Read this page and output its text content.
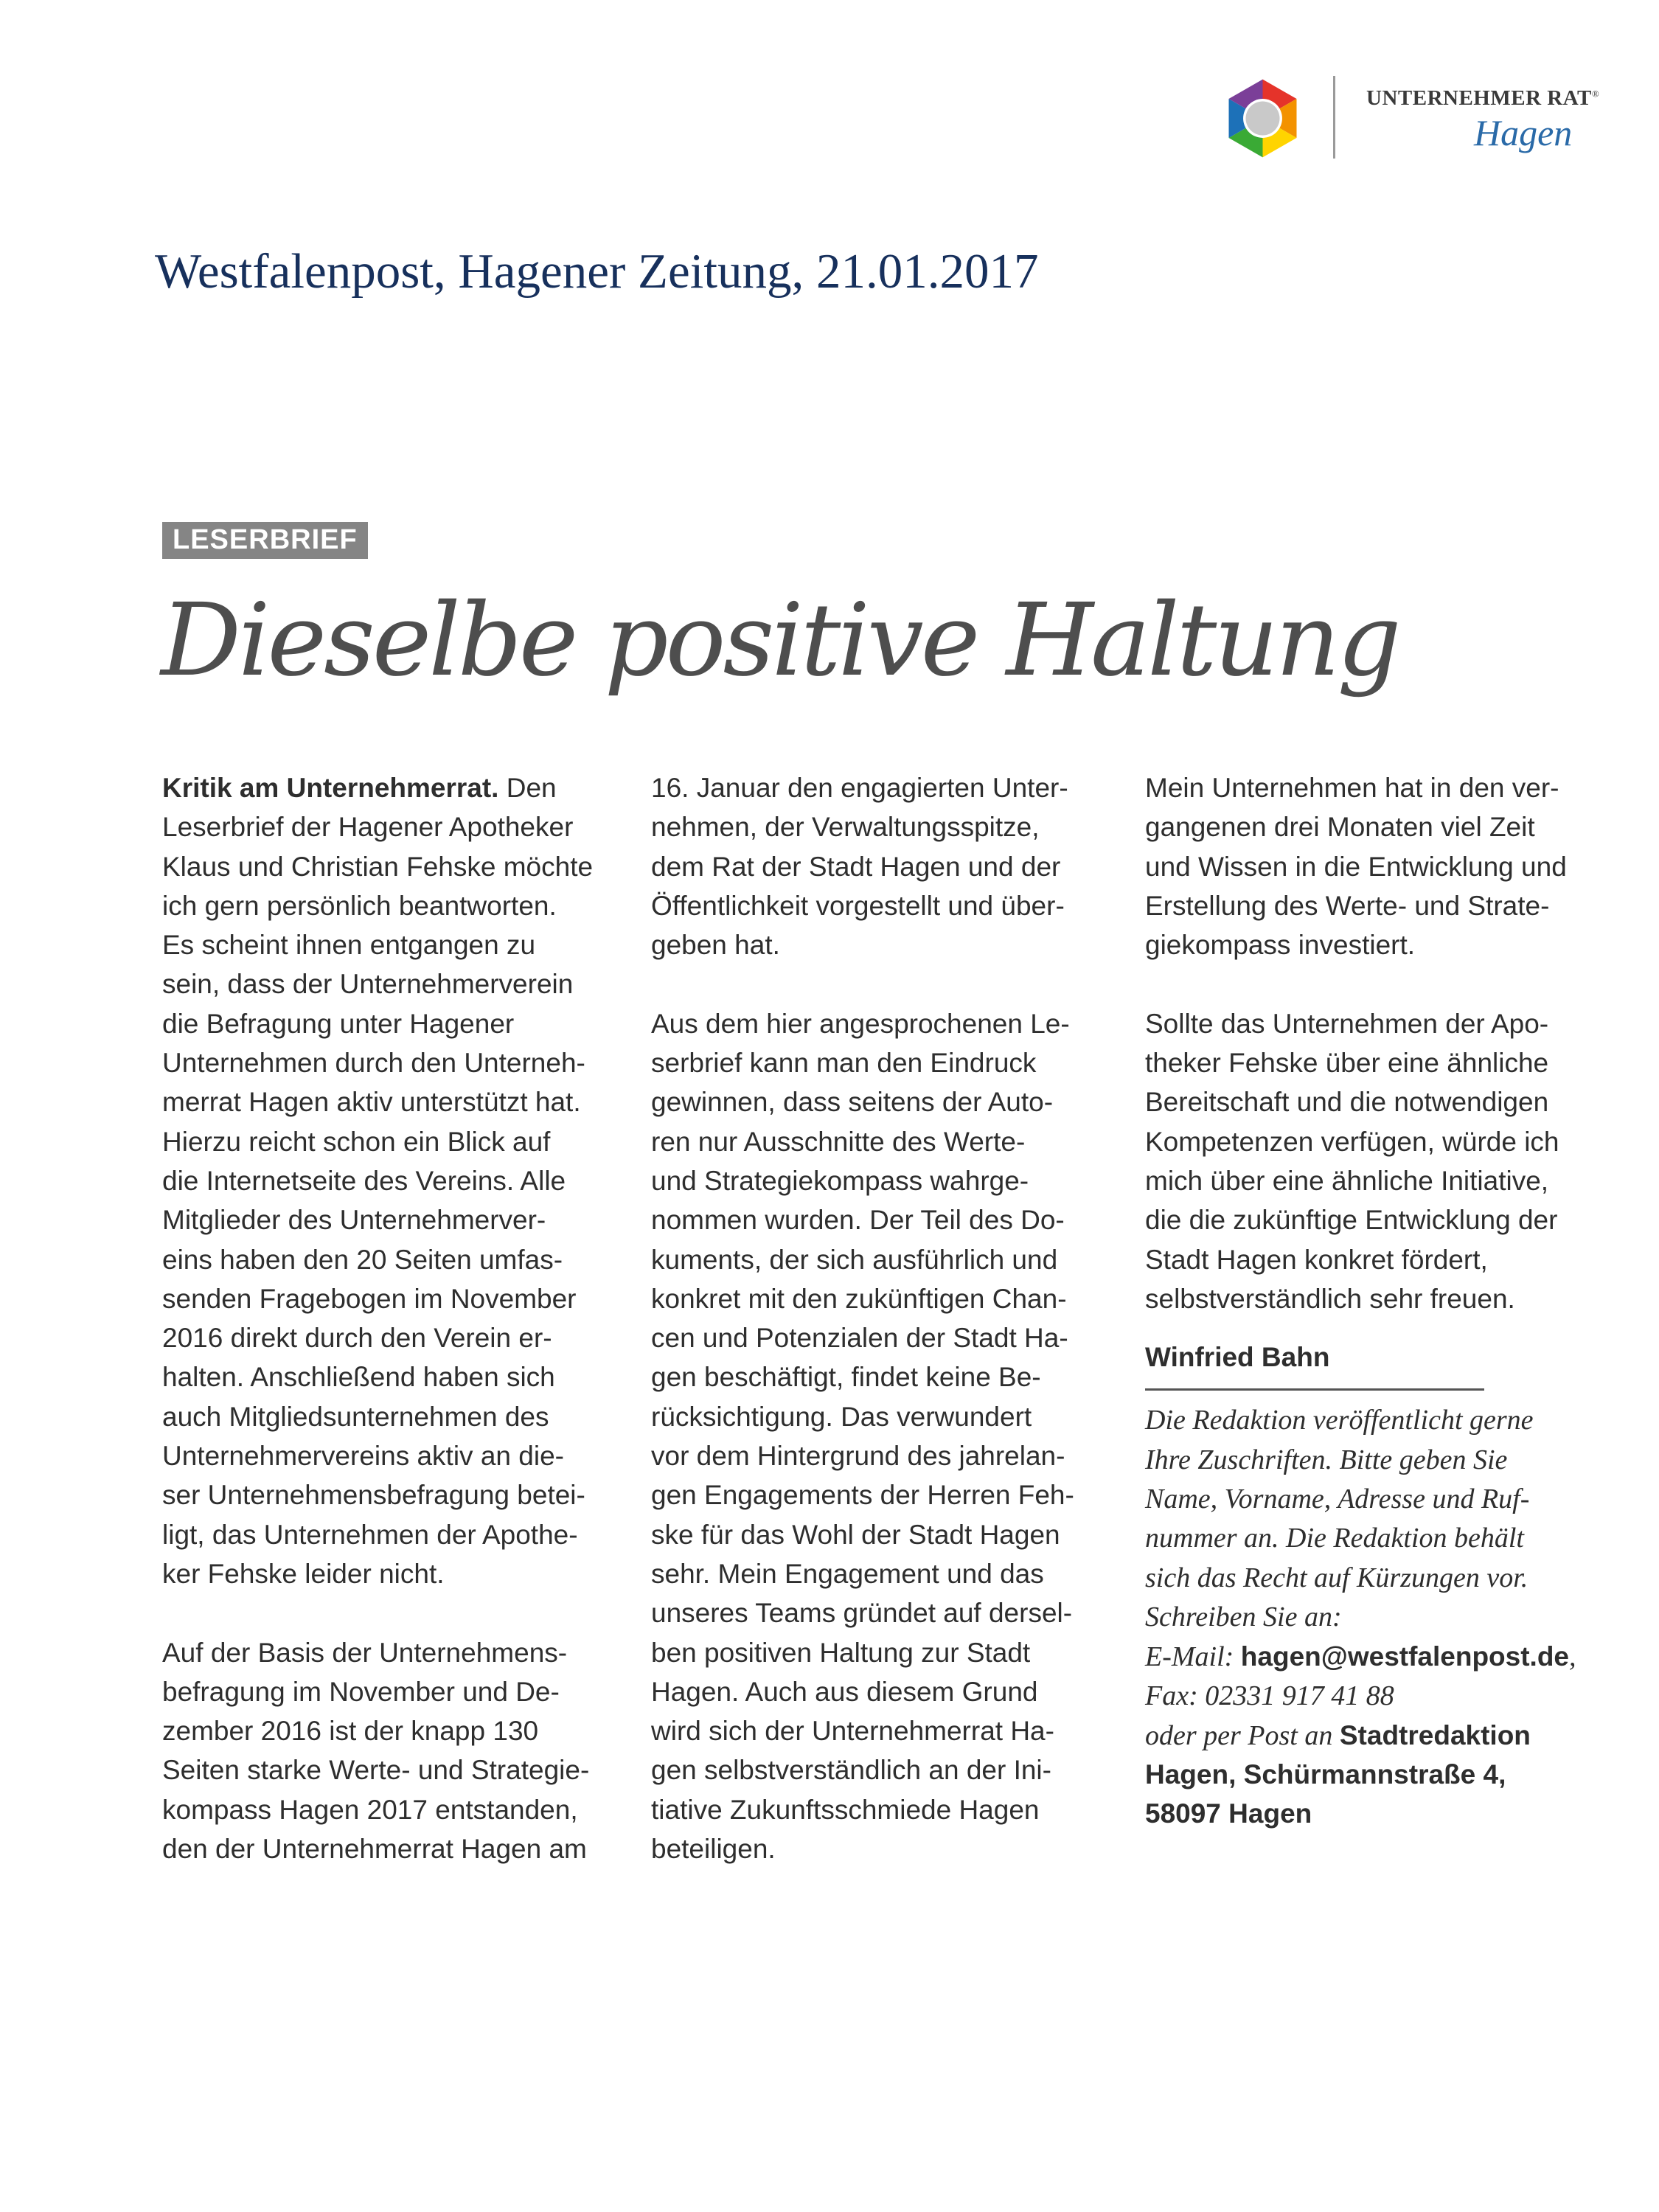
UNTERNEHMER RAT®
Hagen
Westfalenpost, Hagener Zeitung, 21.01.2017
LESERBRIEF
Dieselbe positive Haltung
Kritik am Unternehmerrat. Den
Leserbrief der Hagener Apotheker
Klaus und Christian Fehske möchte
ich gern persönlich beantworten.
Es scheint ihnen entgangen zu
sein, dass der Unternehmerverein
die Befragung unter Hagener
Unternehmen durch den Unterneh-
merrat Hagen aktiv unterstützt hat.
Hierzu reicht schon ein Blick auf
die Internetseite des Vereins. Alle
Mitglieder des Unternehmerver-
eins haben den 20 Seiten umfas-
senden Fragebogen im November
2016 direkt durch den Verein er-
halten. Anschließend haben sich
auch Mitgliedsunternehmen des
Unternehmervereins aktiv an die-
ser Unternehmensbefragung betei-
ligt, das Unternehmen der Apothe-
ker Fehske leider nicht.
Auf der Basis der Unternehmens-
befragung im November und De-
zember 2016 ist der knapp 130
Seiten starke Werte- und Strategie-
kompass Hagen 2017 entstanden,
den der Unternehmerrat Hagen am
16. Januar den engagierten Unter-
nehmen, der Verwaltungsspitze,
dem Rat der Stadt Hagen und der
Öffentlichkeit vorgestellt und über-
geben hat.
Aus dem hier angesprochenen Le-
serbrief kann man den Eindruck
gewinnen, dass seitens der Auto-
ren nur Ausschnitte des Werte-
und Strategiekompass wahrge-
nommen wurden. Der Teil des Do-
kuments, der sich ausführlich und
konkret mit den zukünftigen Chan-
cen und Potenzialen der Stadt Ha-
gen beschäftigt, findet keine Be-
rücksichtigung. Das verwundert
vor dem Hintergrund des jahrelan-
gen Engagements der Herren Feh-
ske für das Wohl der Stadt Hagen
sehr. Mein Engagement und das
unseres Teams gründet auf dersel-
ben positiven Haltung zur Stadt
Hagen. Auch aus diesem Grund
wird sich der Unternehmerrat Ha-
gen selbstverständlich an der Ini-
tiative Zukunftsschmiede Hagen
beteiligen.
Mein Unternehmen hat in den ver-
gangenen drei Monaten viel Zeit
und Wissen in die Entwicklung und
Erstellung des Werte- und Strate-
giekompass investiert.
Sollte das Unternehmen der Apo-
theker Fehske über eine ähnliche
Bereitschaft und die notwendigen
Kompetenzen verfügen, würde ich
mich über eine ähnliche Initiative,
die die zukünftige Entwicklung der
Stadt Hagen konkret fördert,
selbstverständlich sehr freuen.
Winfried Bahn
Die Redaktion veröffentlicht gerne
Ihre Zuschriften. Bitte geben Sie
Name, Vorname, Adresse und Ruf-
nummer an. Die Redaktion behält
sich das Recht auf Kürzungen vor.
Schreiben Sie an:
E-Mail: hagen@westfalenpost.de,
Fax: 02331 917 41 88
oder per Post an Stadtredaktion
Hagen, Schürmannstraße 4,
58097 Hagen
